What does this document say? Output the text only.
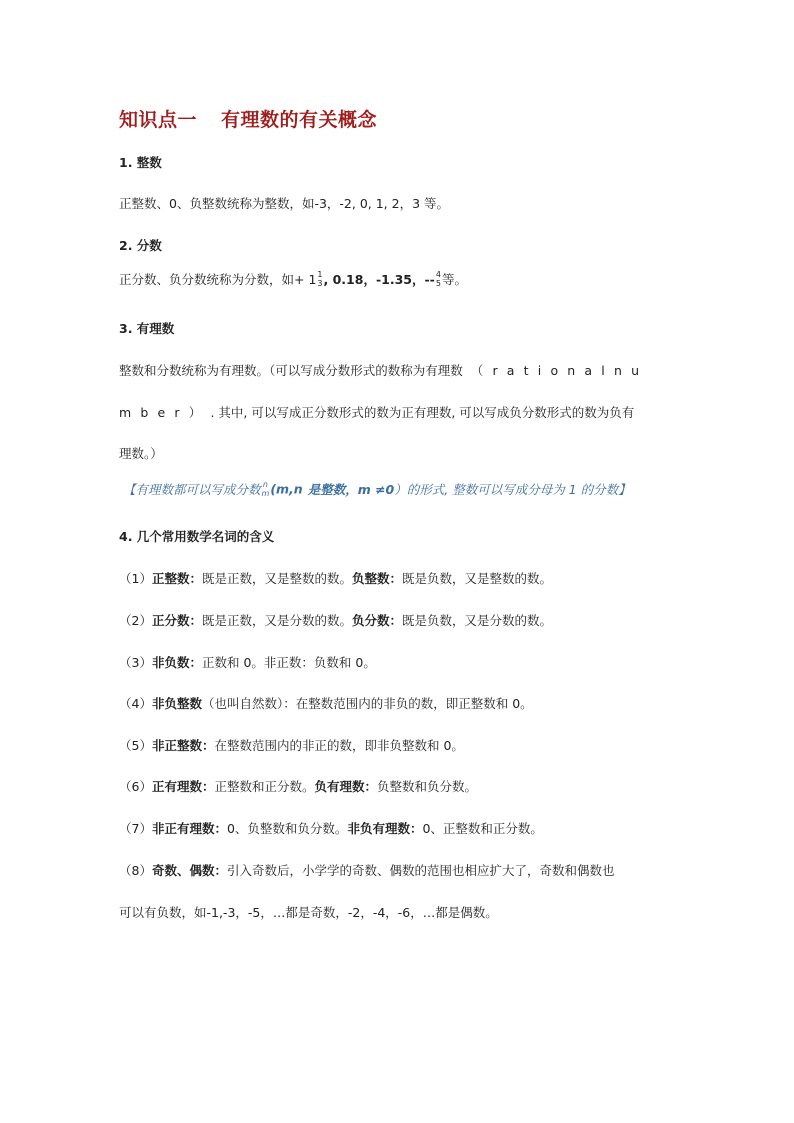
知识点一 有理数的有关概念
1. 整数
正整数、0、负整数统称为整数，如-3，-2, 0, 1, 2，3 等。
2. 分数
正分数、负分数统称为分数，如+ 1 1
3 , 0.18，-1.35，-- 4
5 等。
3. 有理数
整数和分数统称为有理数。（可以写成分数形式的数称为有理数 （rationalnu
mber）. 其中, 可以写成正分数形式的数为正有理数, 可以写成负分数形式的数为负有
理数。）
【有理数都可以写成分数 n
m (m,n 是整数，m ≠0）的形式, 整数可以写成分母为 1 的分数】
4. 几个常用数学名词的含义
（1）正整数：既是正数，又是整数的数。负整数：既是负数，又是整数的数。
（2）正分数：既是正数，又是分数的数。负分数：既是负数，又是分数的数。
（3）非负数：正数和 0。非正数：负数和 0。
（4）非负整数（也叫自然数）：在整数范围内的非负的数，即正整数和 0。
（5）非正整数：在整数范围内的非正的数，即非负整数和 0。
（6）正有理数：正整数和正分数。负有理数：负整数和负分数。
（7）非正有理数：0、负整数和负分数。非负有理数：0、正整数和正分数。
（8）奇数、偶数：引入奇数后，小学学的奇数、偶数的范围也相应扩大了，奇数和偶数也
可以有负数，如-1,-3，-5，…都是奇数，-2，-4，-6，…都是偶数。
